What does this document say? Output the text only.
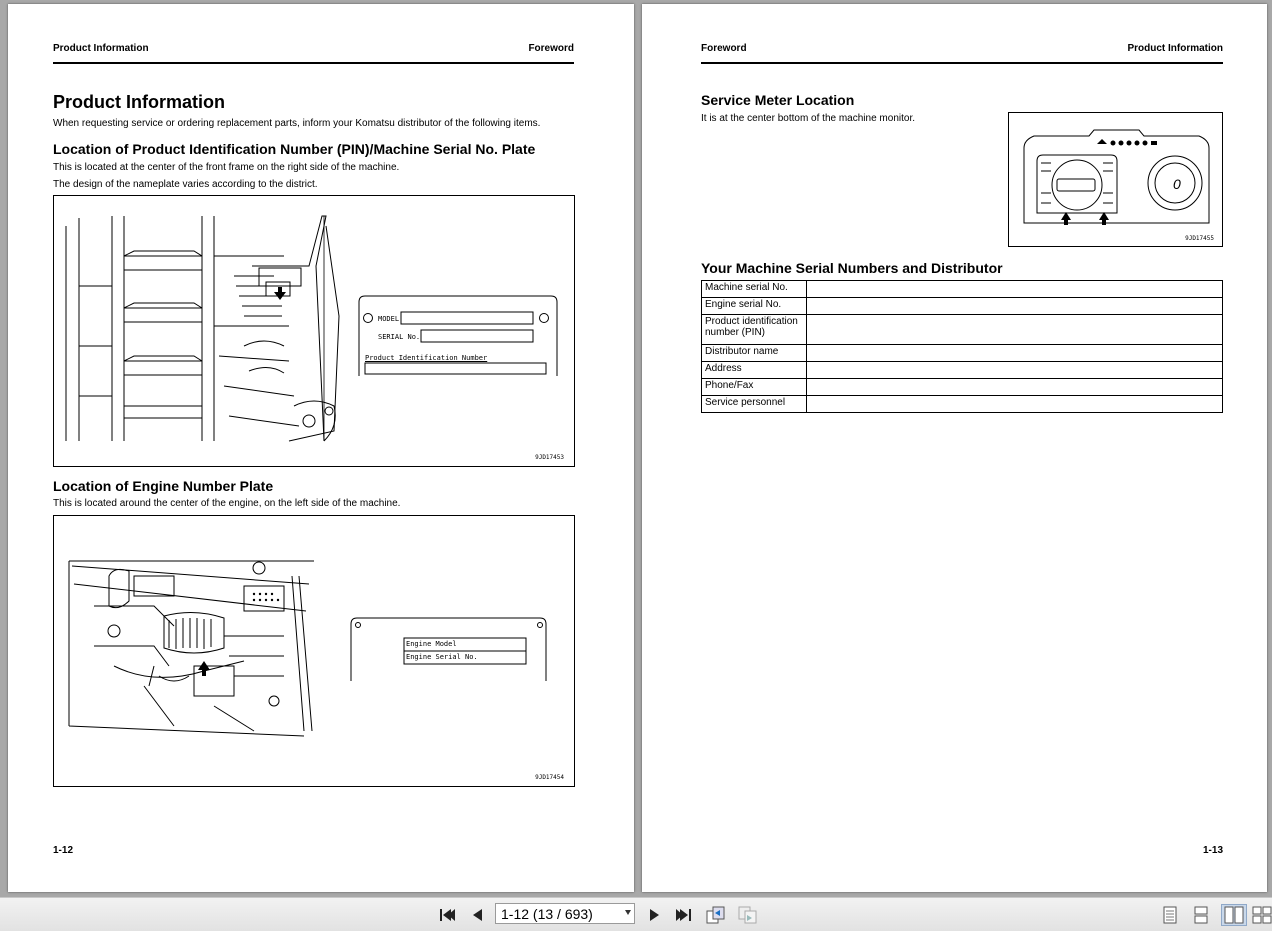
Product Information	Foreword
Product Information
When requesting service or ordering replacement parts, inform your Komatsu distributor of the following items.
Location of Product Identification Number (PIN)/Machine Serial No. Plate
This is located at the center of the front frame on the right side of the machine.
The design of the nameplate varies according to the district.
MODEL
SERIAL No.
Product Identification Number
9JD17453
Location of Engine Number Plate
This is located around the center of the engine, on the left side of the machine.
Engine Model
Engine Serial No.
9JD17454
1-12
Foreword	Product Information
Service Meter Location
It is at the center bottom of the machine monitor.
0
9JD17455
Your Machine Serial Numbers and Distributor
Machine serial No.	
Engine serial No.	
Product identification number (PIN)	
Distributor name	
Address	
Phone/Fax	
Service personnel	
1-13
1-12 (13 / 693)
